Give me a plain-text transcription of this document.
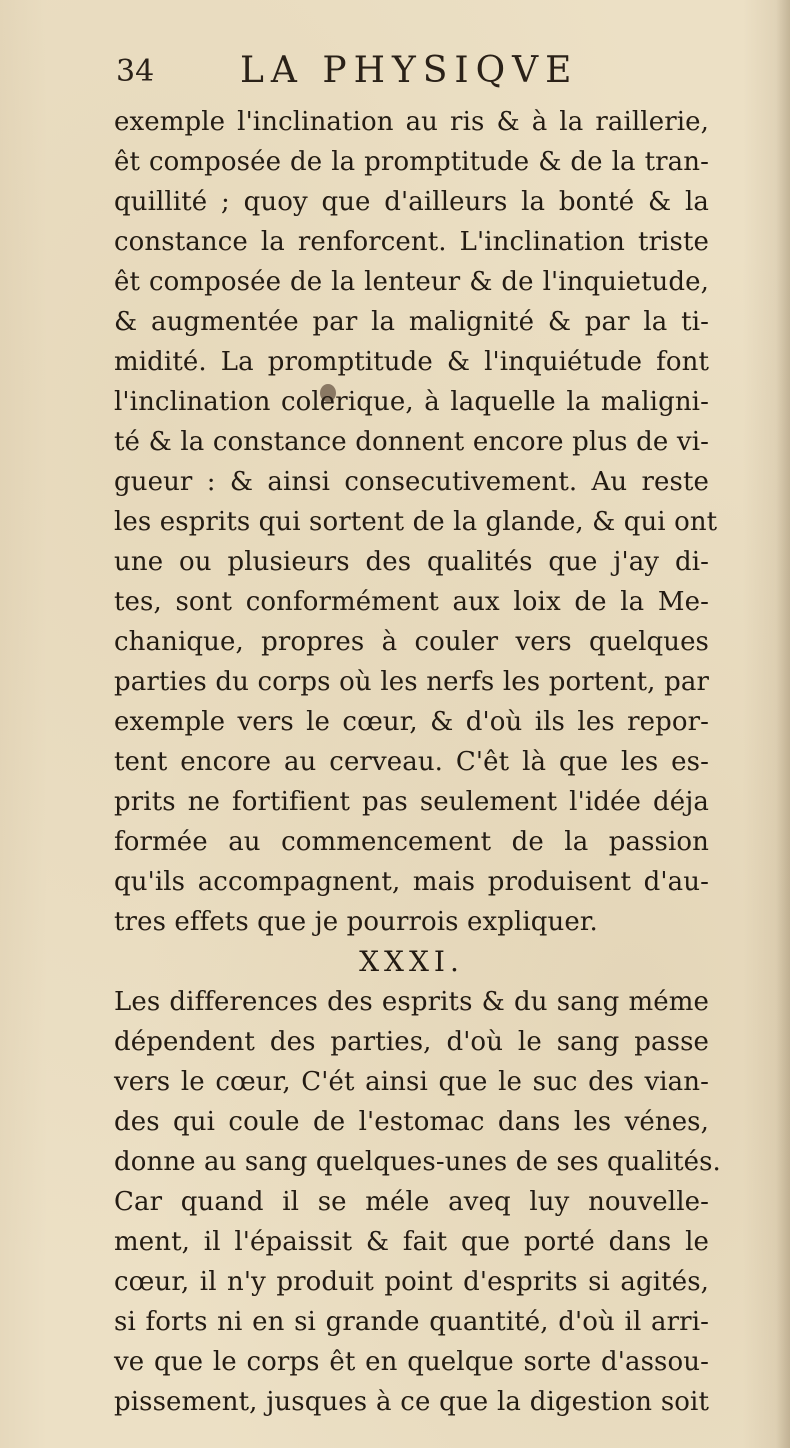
34 LA PHYSIQVE
exemple l'inclination au ris & à la raillerie,
êt composée de la promptitude & de la tran-
quillité ; quoy que d'ailleurs la bonté & la
constance la renforcent. L'inclination triste
êt composée de la lenteur & de l'inquietude,
& augmentée par la malignité & par la ti-
midité. La promptitude & l'inquiétude font
l'inclination colerique, à laquelle la maligni-
té & la constance donnent encore plus de vi-
gueur : & ainsi consecutivement. Au reste
les esprits qui sortent de la glande, & qui ont
une ou plusieurs des qualités que j'ay di-
tes, sont conformément aux loix de la Me-
chanique, propres à couler vers quelques
parties du corps où les nerfs les portent, par
exemple vers le cœur, & d'où ils les repor-
tent encore au cerveau. C'êt là que les es-
prits ne fortifient pas seulement l'idée déja
formée au commencement de la passion
qu'ils accompagnent, mais produisent d'au-
tres effets que je pourrois expliquer.
XXXI.
Les differences des esprits & du sang méme
dépendent des parties, d'où le sang passe
vers le cœur, C'ét ainsi que le suc des vian-
des qui coule de l'estomac dans les vénes,
donne au sang quelques-unes de ses qualités.
Car quand il se méle aveq luy nouvelle-
ment, il l'épaissit & fait que porté dans le
cœur, il n'y produit point d'esprits si agités,
si forts ni en si grande quantité, d'où il arri-
ve que le corps êt en quelque sorte d'assou-
pissement, jusques à ce que la digestion soit
